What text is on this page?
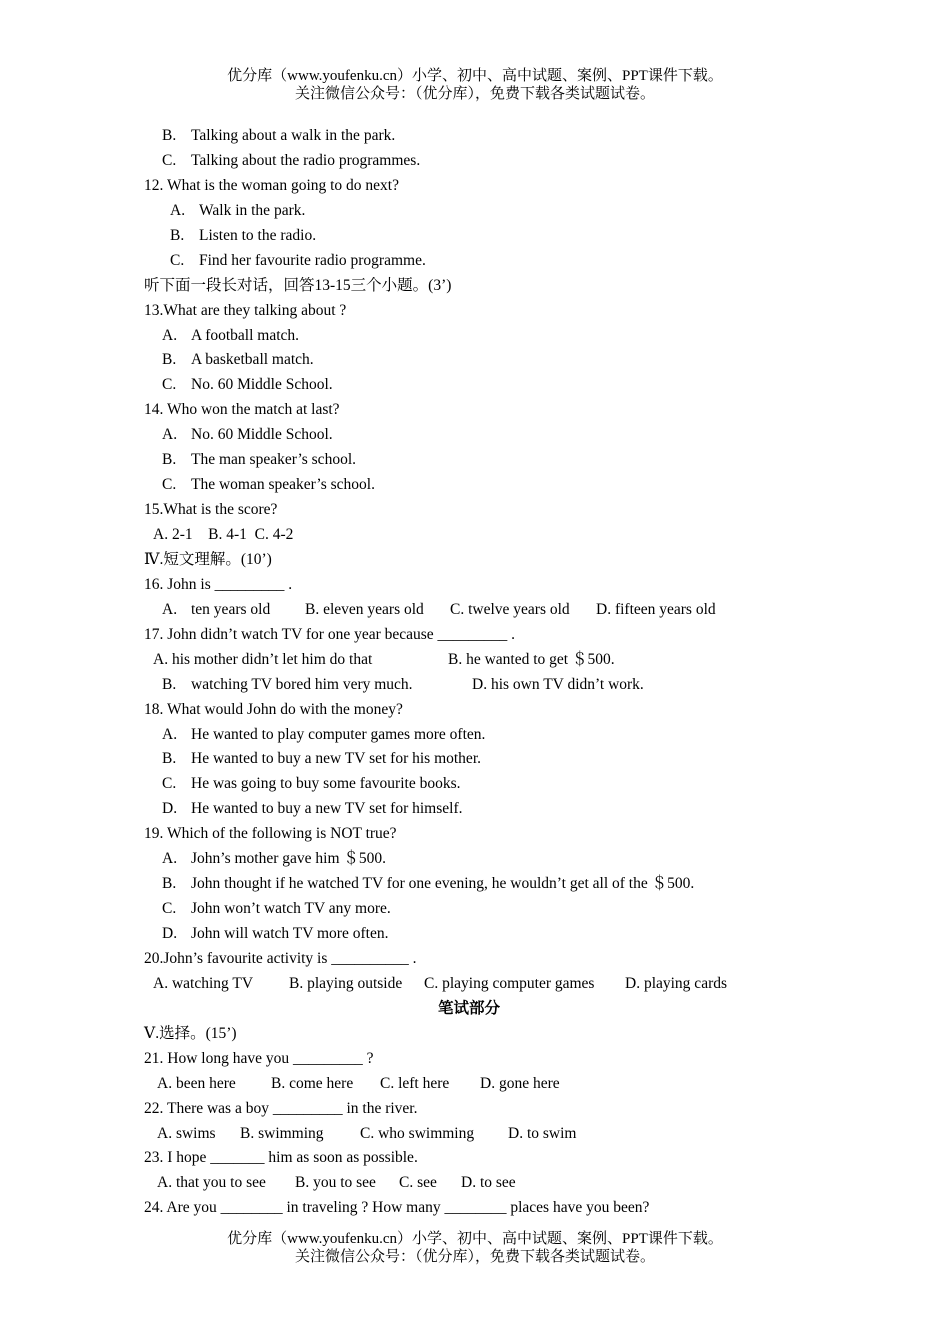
优分库（www.youfenku.cn）小学、初中、高中试题、案例、PPT课件下载。
关注微信公众号：（优分库），免费下载各类试题试卷。
B. Talking about a walk in the park.
C. Talking about the radio programmes.
12. What is the woman going to do next?
A. Walk in the park.
B. Listen to the radio.
C. Find her favourite radio programme.
听下面一段长对话，回答13-15三个小题。(3’)
13.What are they talking about ?
A. A football match.
B. A basketball match.
C. No. 60 Middle School.
14. Who won the match at last?
A. No. 60 Middle School.
B. The man speaker’s school.
C. The woman speaker’s school.
15.What is the score?
A. 2-1    B. 4-1  C. 4-2
Ⅳ.短文理解。(10’)
16. John is _________ .
A. ten years old B. eleven years old C. twelve years old D. fifteen years old
17. John didn’t watch TV for one year because _________ .
A. his mother didn’t let him do that	B. he wanted to get ＄500.
B. watching TV bored him very much.	D. his own TV didn’t work.
18. What would John do with the money?
A. He wanted to play computer games more often.
B. He wanted to buy a new TV set for his mother.
C. He was going to buy some favourite books.
D. He wanted to buy a new TV set for himself.
19. Which of the following is NOT true?
A. John’s mother gave him ＄500.
B. John thought if he watched TV for one evening, he wouldn’t get all of the ＄500.
C. John won’t watch TV any more.
D. John will watch TV more often.
20.John’s favourite activity is __________ .
A. watching TV B. playing outside C. playing computer games D. playing cards
笔试部分
Ⅴ.选择。(15’)
21. How long have you _________ ?
A. been here B. come here C. left here D. gone here
22. There was a boy _________ in the river.
A. swims B. swimming C. who swimming D. to swim
23. I hope _______ him as soon as possible.
A. that you to see B. you to see C. see D. to see
24. Are you ________ in traveling ? How many ________ places have you been?
优分库（www.youfenku.cn）小学、初中、高中试题、案例、PPT课件下载。
关注微信公众号：（优分库），免费下载各类试题试卷。
